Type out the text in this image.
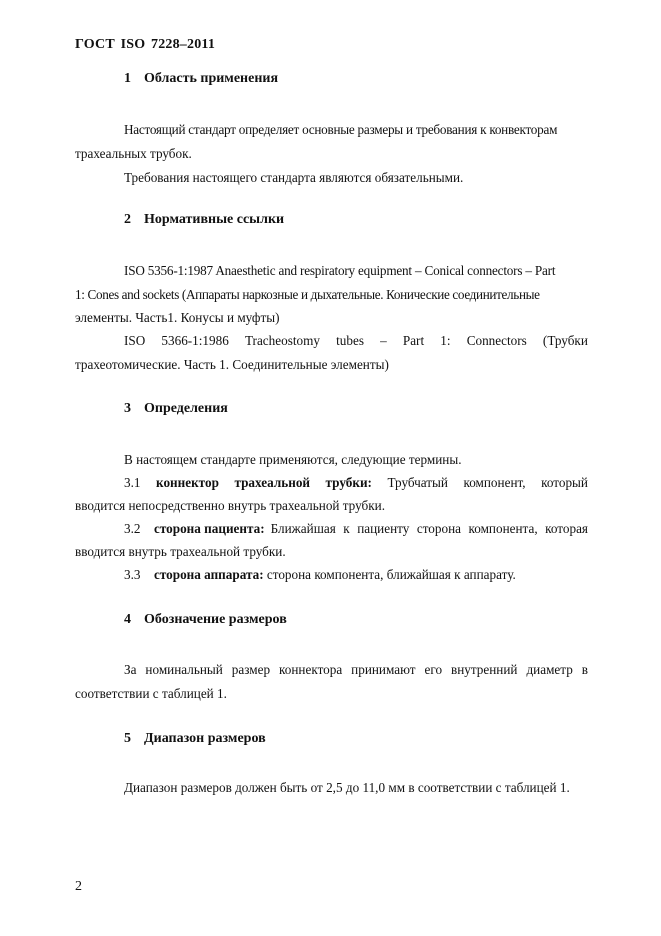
ГОСТ ISO 7228–2011
1 Область применения
Настоящий стандарт определяет основные размеры и требования к конвекторам
трахеальных трубок.
Требования настоящего стандарта являются обязательными.
2 Нормативные ссылки
ISO 5356-1:1987 Anaesthetic and respiratory equipment – Conical connectors – Part
1: Cones and sockets (Аппараты наркозные и дыхательные. Конические соединительные
элементы. Часть1. Конусы и муфты)
ISO 5366-1:1986 Tracheostomy tubes – Part 1: Connectors (Трубки
трахеотомические. Часть 1. Соединительные элементы)
3 Определения
В настоящем стандарте применяются, следующие термины.
3.1 коннектор трахеальной трубки: Трубчатый компонент, который
вводится непосредственно внутрь трахеальной трубки.
3.2	сторона пациента: Ближайшая к пациенту сторона компонента, которая
вводится внутрь трахеальной трубки.
3.3 сторона аппарата: сторона компонента, ближайшая к аппарату.
4 Обозначение размеров
За номинальный размер коннектора принимают его внутренний диаметр в
соответствии с таблицей 1.
5 Диапазон размеров
Диапазон размеров должен быть от 2,5 до 11,0 мм в соответствии с таблицей 1.
2
